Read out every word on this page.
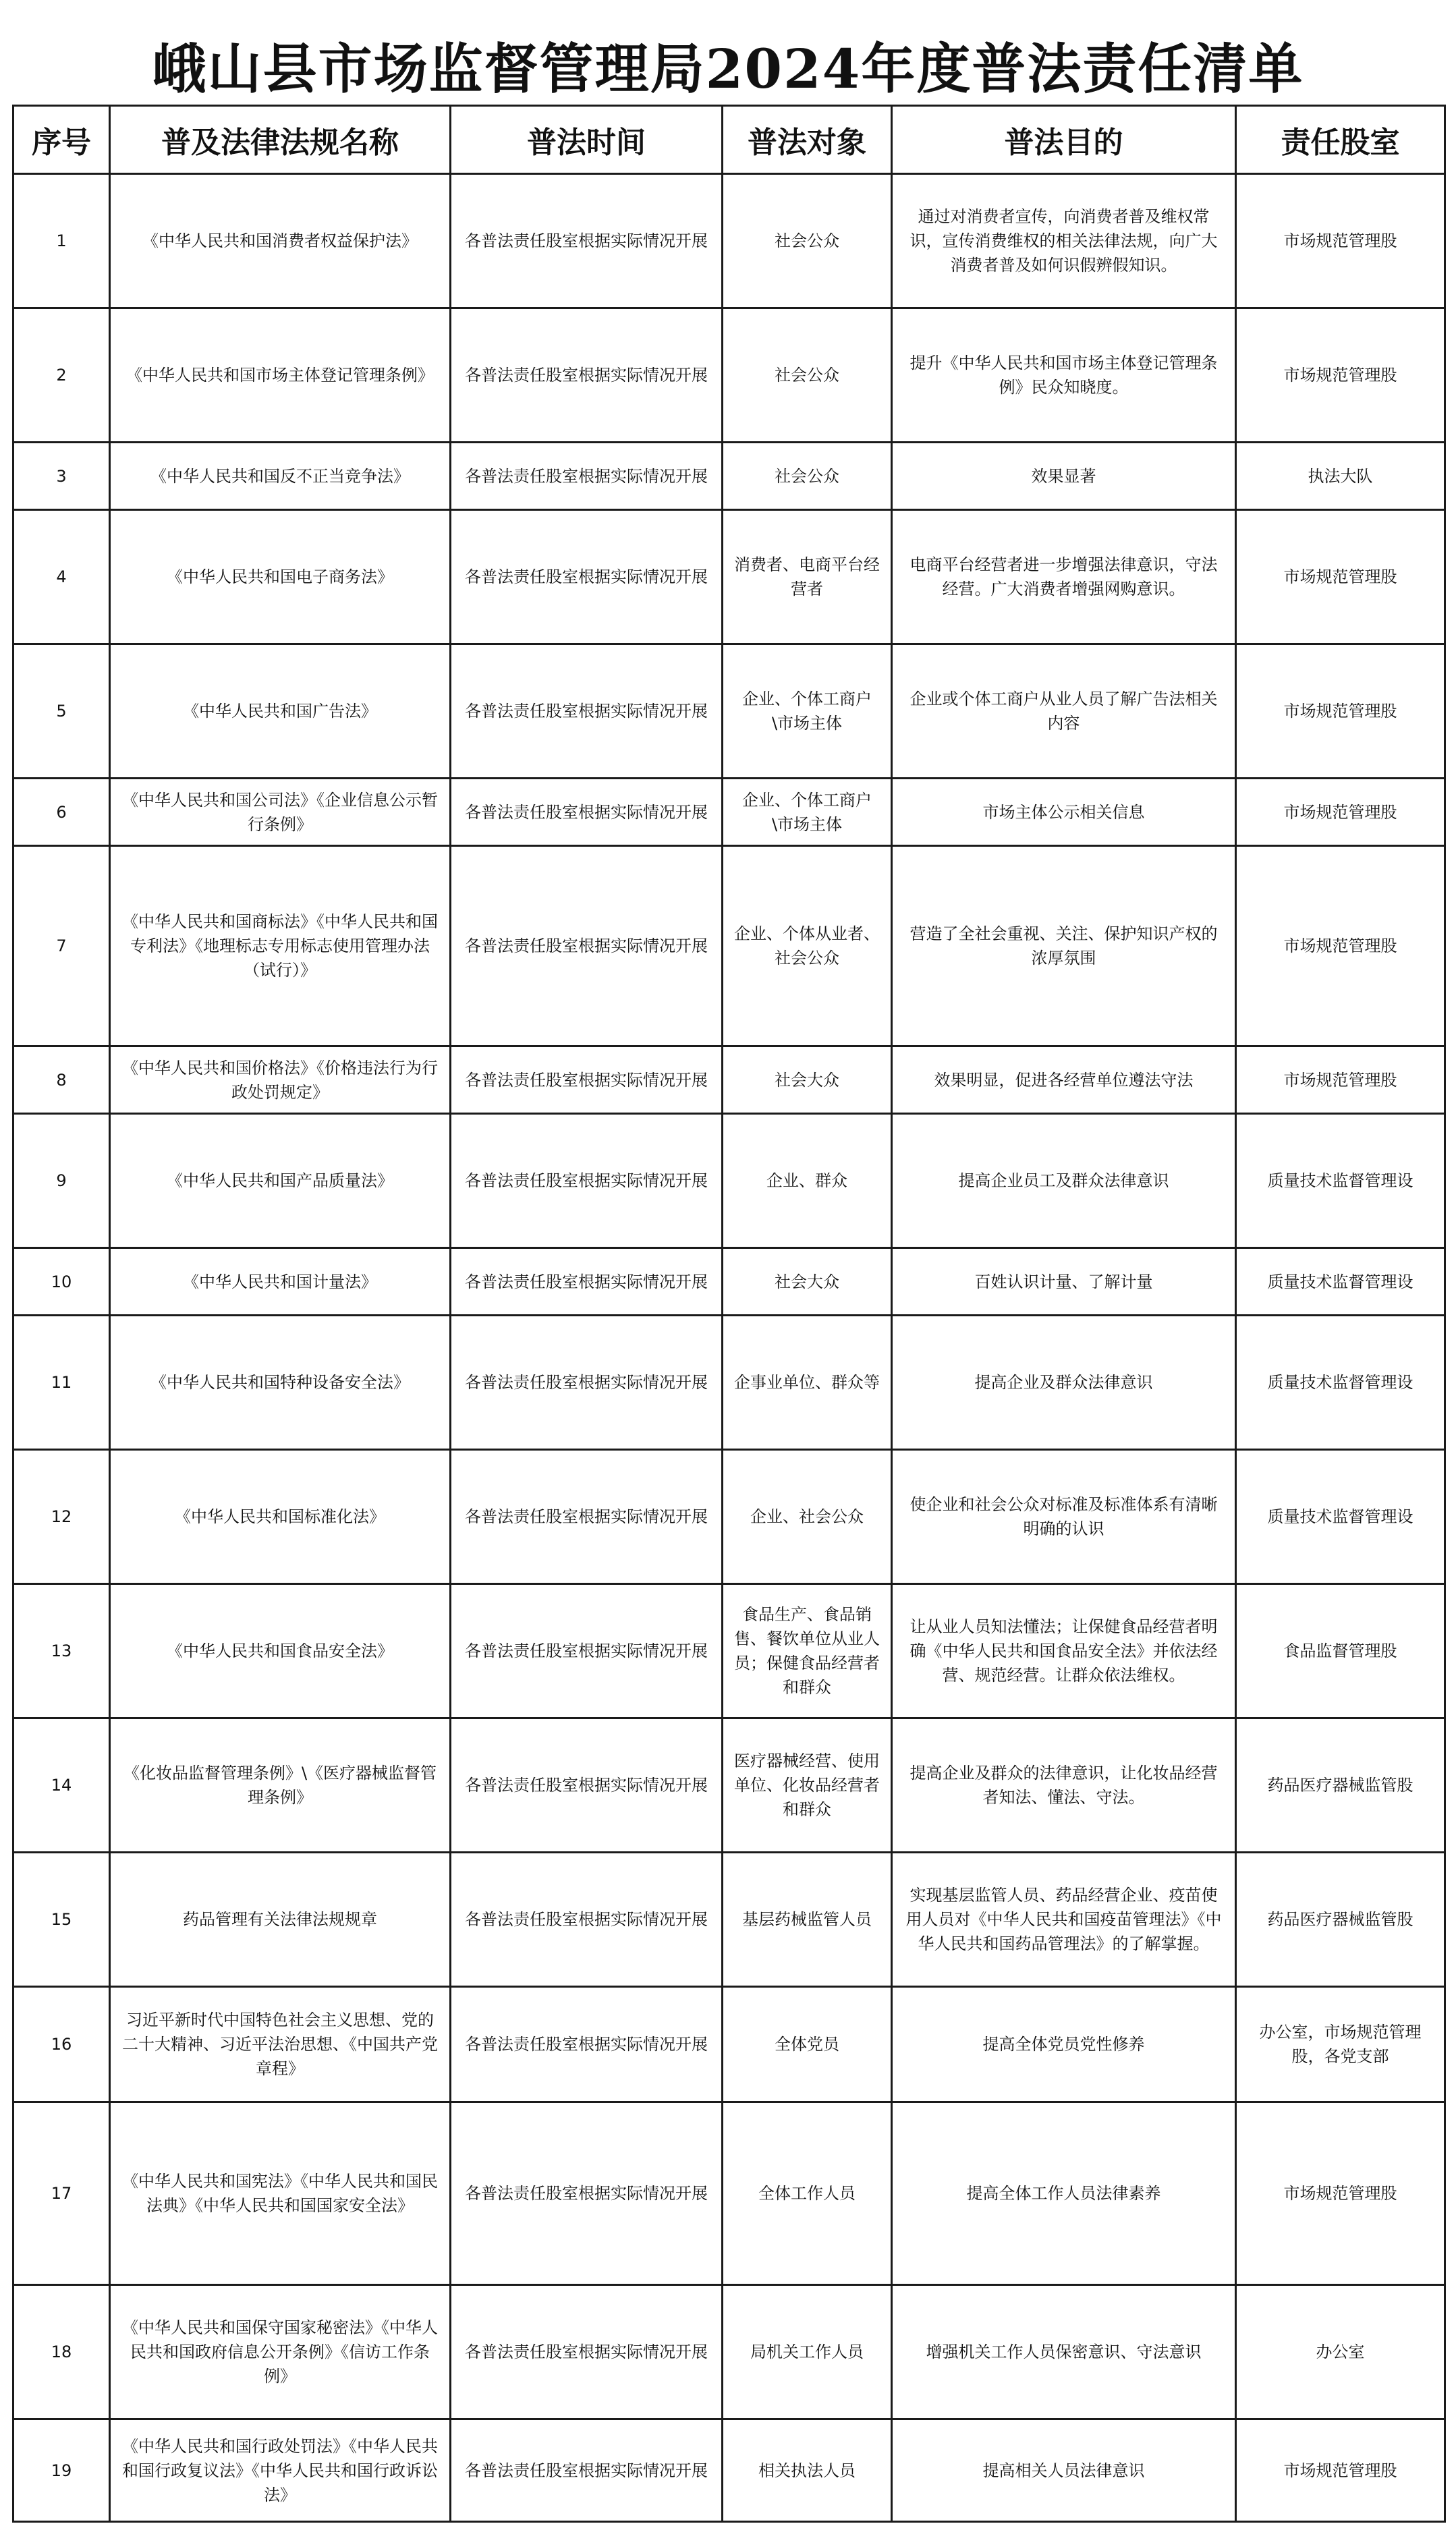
峨山县市场监督管理局2024年度普法责任清单
序号	普及法律法规名称	普法时间	普法对象	普法目的	责任股室
1	《中华人民共和国消费者权益保护法》	各普法责任股室根据实际情况开展	社会公众	通过对消费者宣传，向消费者普及维权常识，宣传消费维权的相关法律法规，向广大消费者普及如何识假辨假知识。	市场规范管理股
2	《中华人民共和国市场主体登记管理条例》	各普法责任股室根据实际情况开展	社会公众	提升《中华人民共和国市场主体登记管理条例》民众知晓度。	市场规范管理股
3	《中华人民共和国反不正当竞争法》	各普法责任股室根据实际情况开展	社会公众	效果显著	执法大队
4	《中华人民共和国电子商务法》	各普法责任股室根据实际情况开展	消费者、电商平台经营者	电商平台经营者进一步增强法律意识，守法经营。广大消费者增强网购意识。	市场规范管理股
5	《中华人民共和国广告法》	各普法责任股室根据实际情况开展	企业、个体工商户\市场主体	企业或个体工商户从业人员了解广告法相关内容	市场规范管理股
6	《中华人民共和国公司法》《企业信息公示暂行条例》	各普法责任股室根据实际情况开展	企业、个体工商户\市场主体	市场主体公示相关信息	市场规范管理股
7	《中华人民共和国商标法》《中华人民共和国专利法》《地理标志专用标志使用管理办法（试行）》	各普法责任股室根据实际情况开展	企业、个体从业者、社会公众	营造了全社会重视、关注、保护知识产权的浓厚氛围	市场规范管理股
8	《中华人民共和国价格法》《价格违法行为行政处罚规定》	各普法责任股室根据实际情况开展	社会大众	效果明显，促进各经营单位遵法守法	市场规范管理股
9	《中华人民共和国产品质量法》	各普法责任股室根据实际情况开展	企业、群众	提高企业员工及群众法律意识	质量技术监督管理设
10	《中华人民共和国计量法》	各普法责任股室根据实际情况开展	社会大众	百姓认识计量、了解计量	质量技术监督管理设
11	《中华人民共和国特种设备安全法》	各普法责任股室根据实际情况开展	企事业单位、群众等	提高企业及群众法律意识	质量技术监督管理设
12	《中华人民共和国标准化法》	各普法责任股室根据实际情况开展	企业、社会公众	使企业和社会公众对标准及标准体系有清晰明确的认识	质量技术监督管理设
13	《中华人民共和国食品安全法》	各普法责任股室根据实际情况开展	食品生产、食品销售、餐饮单位从业人员；保健食品经营者和群众	让从业人员知法懂法；让保健食品经营者明确《中华人民共和国食品安全法》并依法经营、规范经营。让群众依法维权。	食品监督管理股
14	《化妆品监督管理条例》\《医疗器械监督管理条例》	各普法责任股室根据实际情况开展	医疗器械经营、使用单位、化妆品经营者和群众	提高企业及群众的法律意识，让化妆品经营者知法、懂法、守法。	药品医疗器械监管股
15	药品管理有关法律法规规章	各普法责任股室根据实际情况开展	基层药械监管人员	实现基层监管人员、药品经营企业、疫苗使用人员对《中华人民共和国疫苗管理法》《中华人民共和国药品管理法》的了解掌握。	药品医疗器械监管股
16	习近平新时代中国特色社会主义思想、党的二十大精神、习近平法治思想、《中国共产党章程》	各普法责任股室根据实际情况开展	全体党员	提高全体党员党性修养	办公室，市场规范管理股，各党支部
17	《中华人民共和国宪法》《中华人民共和国民法典》《中华人民共和国国家安全法》	各普法责任股室根据实际情况开展	全体工作人员	提高全体工作人员法律素养	市场规范管理股
18	《中华人民共和国保守国家秘密法》《中华人民共和国政府信息公开条例》《信访工作条例》	各普法责任股室根据实际情况开展	局机关工作人员	增强机关工作人员保密意识、守法意识	办公室
19	《中华人民共和国行政处罚法》《中华人民共和国行政复议法》《中华人民共和国行政诉讼法》	各普法责任股室根据实际情况开展	相关执法人员	提高相关人员法律意识	市场规范管理股
